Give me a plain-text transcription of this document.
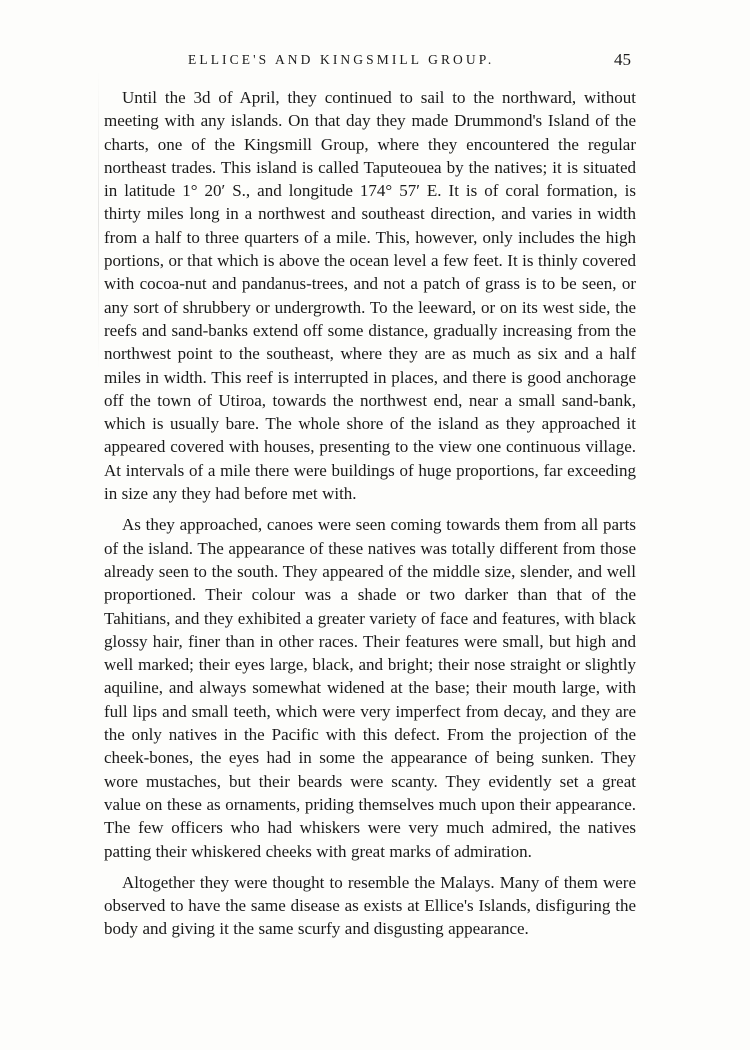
ELLICE'S AND KINGSMILL GROUP.	45

Until the 3d of April, they continued to sail to the northward, without meeting with any islands. On that day they made Drummond's Island of the charts, one of the Kingsmill Group, where they encountered the regular northeast trades. This island is called Taputeouea by the natives; it is situated in latitude 1° 20′ S., and longitude 174° 57′ E. It is of coral formation, is thirty miles long in a northwest and southeast direction, and varies in width from a half to three quarters of a mile. This, however, only includes the high portions, or that which is above the ocean level a few feet. It is thinly covered with cocoa-nut and pandanus-trees, and not a patch of grass is to be seen, or any sort of shrubbery or undergrowth. To the leeward, or on its west side, the reefs and sand-banks extend off some distance, gradually increasing from the northwest point to the southeast, where they are as much as six and a half miles in width. This reef is interrupted in places, and there is good anchorage off the town of Utiroa, towards the northwest end, near a small sand-bank, which is usually bare. The whole shore of the island as they approached it appeared covered with houses, presenting to the view one continuous village. At intervals of a mile there were buildings of huge proportions, far exceeding in size any they had before met with.

As they approached, canoes were seen coming towards them from all parts of the island. The appearance of these natives was totally different from those already seen to the south. They appeared of the middle size, slender, and well proportioned. Their colour was a shade or two darker than that of the Tahitians, and they exhibited a greater variety of face and features, with black glossy hair, finer than in other races. Their features were small, but high and well marked; their eyes large, black, and bright; their nose straight or slightly aquiline, and always somewhat widened at the base; their mouth large, with full lips and small teeth, which were very imperfect from decay, and they are the only natives in the Pacific with this defect. From the projection of the cheek-bones, the eyes had in some the appearance of being sunken. They wore mustaches, but their beards were scanty. They evidently set a great value on these as ornaments, priding themselves much upon their appearance. The few officers who had whiskers were very much admired, the natives patting their whiskered cheeks with great marks of admiration.

Altogether they were thought to resemble the Malays. Many of them were observed to have the same disease as exists at Ellice's Islands, disfiguring the body and giving it the same scurfy and disgusting appearance.
